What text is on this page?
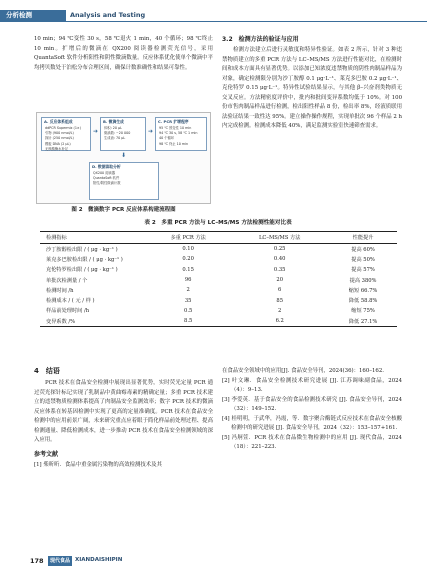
分析检测	Analysis and Testing
10 min；94 ℃变性 30 s，58 ℃退火 1 min，40 个循环；98 ℃终止 10 min。扩增后的微滴在 QX200 阅读器检测荧光信号，采用 QuantaSoft 软件分析阳性和阴性微滴数量。反应体系优化使单个微滴中平均拷贝数处于泊松分布合理区间，确保计数准确性和结果可靠性。
A. 反应体系组成
ddPCR Supermix (1×)
引物 (900 nmol/L)
探针 (250 nmol/L)
模板 DNA (2 μL)
无核酸酶水补足
➜
B. 微滴生成
体积: 20 μL
微滴数: ~20 000
生成油: 70 μL
➜
C. PCR 扩增程序
95 ℃ 预变性 10 min
94 ℃ 30 s, 58 ℃ 1 min
40 个循环
98 ℃ 终止 10 min
⬇
D. 数据读取分析
QX200 阅读器
QuantaSoft 软件
阳性/阴性微滴计数
图 2　微滴数字 PCR 反应体系构建流程图
3.2　检测方法的验证与应用
检测方法建立后进行灵敏度和特异性验证。如表 2 所示，针对 3 种违禁物质建立的多重 PCR 方法与 LC–MS/MS 方法进行性能对比，在检测时间和成本方面具有显著优势。以添加已知浓度违禁物质的阴性肉制品样品为对象，确定检测限分别为沙丁胺醇 0.1 μg·L⁻¹、莱克多巴胺 0.2 μg·L⁻¹、克伦特罗 0.15 μg·L⁻¹。特异性试验结果显示，与其他 β–兴奋剂类物质无交叉反应。方法精密度评价中，批内和批间变异系数均低于 10%。对 100 份市售肉制品样品进行检测，检出阳性样品 8 份，检出率 8%，经液质联用法验证结果一致性达 95%。建立操作操作规程，实现单批次 96 个样品 2 h 内完成检测。检测成本降低 40%，满足监测实验室快速筛查需求。
表 2　多重 PCR 方法与 LC–MS/MS 方法检测性能对比表
检测指标	多重 PCR 方法	LC–MS/MS 方法	性能提升
沙丁胺醇检出限 / ( μg · kg⁻¹ )	0.10	0.25	提高 60%
莱克多巴胺检出限 / ( μg · kg⁻¹ )	0.20	0.40	提高 50%
克伦特罗检出限 / ( μg · kg⁻¹ )	0.15	0.35	提高 57%
单批次检测量 / 个	96	20	提高 380%
检测时间 /h	2	6	缩短 66.7%
检测成本 / ( 元 / 样 )	35	85	降低 58.8%
样品前处理时间 /h	0.5	2	缩短 75%
变异系数 /%	8.5	6.2	降低 27.1%
4　结语
PCR 技术在食品安全检测中展现出显著优势，实时荧光定量 PCR 通过荧光探针标记实现了乳制品中黄曲霉毒素的精确定量；多重 PCR 技术建立的违禁物质检测体系提高了肉制品安全监测效率；数字 PCR 技术的微滴反应体系在转基因检测中实现了更高的定量准确度。PCR 技术在食品安全检测中的应用前景广阔，未来研究重点应着眼于简化样品前处理过程、提高检测通量、降低检测成本，进一步推动 PCR 技术在食品安全检测领域的深入应用。
参考文献
[1] 柴昕昕．食品中重金属污染物的高效检测技术及其
在食品安全领域中的应用[J]. 食品安全导刊，2024(36)：160–162.
[2] 叶文琳．食品安全检测技术研究进展 [J]. 江苏调味副食品，2024（4）：9–13.
[3] 李爱英．基于食品安全的食品检测技术研究 [J]. 食品安全导刊，2024（32）：149–152.
[4] 桂明明，于武华，冯霞，等．数字聚合酶链式反应技术在食品安全核酸检测中的研究进展 [J]. 食品安全导刊，2024（32）：153–157+161.
[5] 冯舸萱．PCR 技术在食品微生物检测中的应用 [J]. 现代食品，2024（18）：221–223.
178	现代食品 XIANDAISHIPIN
